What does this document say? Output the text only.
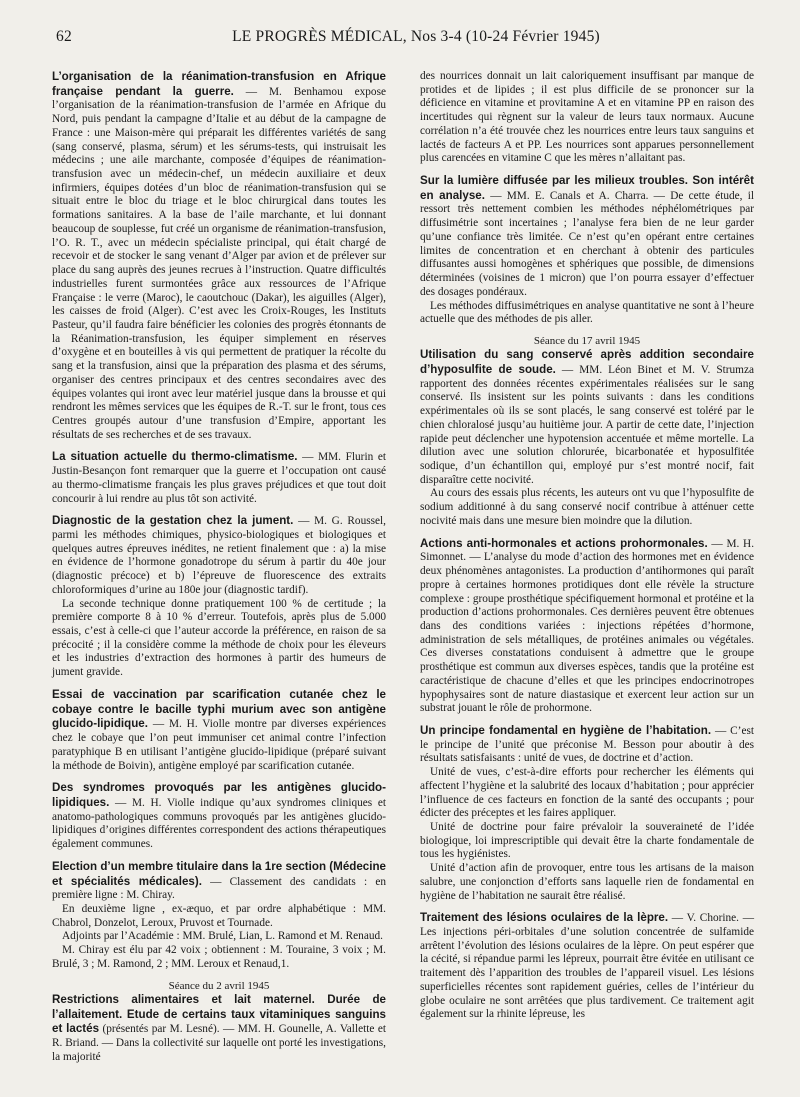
62	LE PROGRÈS MÉDICAL, Nos 3-4 (10-24 Février 1945)

L’organisation de la réanimation-transfusion en Afrique française pendant la guerre. — M. Benhamou expose l’organisation de la réanimation-transfusion de l’armée en Afrique du Nord, puis pendant la campagne d’Italie et au début de la campagne de France : une Maison-mère qui préparait les différentes variétés de sang (sang conservé, plasma, sérum) et les sérums-tests, qui instruisait les médecins ; une aile marchante, composée d’équipes de réanimation-transfusion avec un médecin-chef, un médecin auxiliaire et deux infirmiers, équipes dotées d’un bloc de réanimation-transfusion qui se situait entre le bloc du triage et le bloc chirurgical dans toutes les formations sanitaires. A la base de l’aile marchante, et lui donnant beaucoup de souplesse, fut créé un organisme de réanimation-transfusion, l’O. R. T., avec un médecin spécialiste principal, qui était chargé de recevoir et de stocker le sang venant d’Alger par avion et de prélever sur place du sang auprès des jeunes recrues à l’instruction. Quatre difficultés industrielles furent surmontées grâce aux ressources de l’Afrique Française : le verre (Maroc), le caoutchouc (Dakar), les aiguilles (Alger), les caisses de froid (Alger). C’est avec les Croix-Rouges, les Instituts Pasteur, qu’il faudra faire bénéficier les colonies des progrès étonnants de la Réanimation-transfusion, les équiper simplement en réserves d’oxygène et en bouteilles à vis qui permettent de pratiquer la récolte du sang et la transfusion, ainsi que la préparation des plasma et des sérums, organiser des centres principaux et des centres secondaires avec des équipes volantes qui iront avec leur matériel jusque dans la brousse et qui rendront les mêmes services que les équipes de R.-T. sur le front, tous ces Centres groupés autour d’une transfusion d’Empire, apportant les résultats de ses recherches et de ses travaux.

La situation actuelle du thermo-climatisme. — MM. Flurin et Justin-Besançon font remarquer que la guerre et l’occupation ont causé au thermo-climatisme français les plus graves préjudices et que tout doit concourir à lui rendre au plus tôt son activité.

Diagnostic de la gestation chez la jument. — M. G. Roussel, parmi les méthodes chimiques, physico-biologiques et biologiques et quelques autres épreuves inédites, ne retient finalement que : a) la mise en évidence de l’hormone gonadotrope du sérum à partir du 40e jour (diagnostic précoce) et b) l’épreuve de fluorescence des extraits chloroformiques d’urine au 180e jour (diagnostic tardif).

La seconde technique donne pratiquement 100 % de certitude ; la première comporte 8 à 10 % d’erreur. Toutefois, après plus de 5.000 essais, c’est à celle-ci que l’auteur accorde la préférence, en raison de sa précocité ; il la considère comme la méthode de choix pour les éleveurs et les industries d’extraction des hormones à partir des humeurs de jument gravide.

Essai de vaccination par scarification cutanée chez le cobaye contre le bacille typhi murium avec son antigène glucido-lipidique. — M. H. Violle montre par diverses expériences chez le cobaye que l’on peut immuniser cet animal contre l’infection paratyphique B en utilisant l’antigène glucido-lipidique (préparé suivant la méthode de Boivin), antigène employé par scarification cutanée.

Des syndromes provoqués par les antigènes glucido-lipidiques. — M. H. Violle indique qu’aux syndromes cliniques et anatomo-pathologiques communs provoqués par les antigènes glucido-lipidiques d’origines différentes correspondent des actions thérapeutiques également communes.

Election d’un membre titulaire dans la 1re section (Médecine et spécialités médicales). — Classement des candidats : en première ligne : M. Chiray.

En deuxième ligne , ex-æquo, et par ordre alphabétique : MM. Chabrol, Donzelot, Leroux, Pruvost et Tournade.

Adjoints par l’Académie : MM. Brulé, Lian, L. Ramond et M. Renaud.

M. Chiray est élu par 42 voix ; obtiennent : M. Touraine, 3 voix ; M. Brulé, 3 ; M. Ramond, 2 ; MM. Leroux et Renaud,1.

Séance du 2 avril 1945

Restrictions alimentaires et lait maternel. Durée de l’allaitement. Etude de certains taux vitaminiques sanguins et lactés (présentés par M. Lesné). — MM. H. Gounelle, A. Vallette et R. Briand. — Dans la collectivité sur laquelle ont porté les investigations, la majorité

des nourrices donnait un lait caloriquement insuffisant par manque de protides et de lipides ; il est plus difficile de se prononcer sur la déficience en vitamine et provitamine A et en vitamine PP en raison des incertitudes qui règnent sur la valeur de leurs taux normaux. Aucune corrélation n’a été trouvée chez les nourrices entre leurs taux sanguins et lactés de facteurs A et PP. Les nourrices sont apparues personnellement plus carencées en vitamine C que les mères n’allaitant pas.

Sur la lumière diffusée par les milieux troubles. Son intérêt en analyse. — MM. E. Canals et A. Charra. — De cette étude, il ressort très nettement combien les méthodes néphélométriques par diffusimétrie sont incertaines ; l’analyse fera bien de ne leur garder qu’une confiance très limitée. Ce n’est qu’en opérant entre certaines limites de concentration et en cherchant à obtenir des particules diffusantes aussi homogènes et sphériques que possible, de dimensions déterminées (voisines de 1 micron) que l’on pourra essayer d’effectuer des dosages pondéraux.

Les méthodes diffusimétriques en analyse quantitative ne sont à l’heure actuelle que des méthodes de pis aller.

Séance du 17 avril 1945

Utilisation du sang conservé après addition secondaire d’hyposulfite de soude. — MM. Léon Binet et M. V. Strumza rapportent des données récentes expérimentales réalisées sur le sang conservé. Ils insistent sur les points suivants : dans les conditions expérimentales où ils se sont placés, le sang conservé est toléré par le chien chloralosé jusqu’au huitième jour. A partir de cette date, l’injection rapide peut déclencher une hypotension accentuée et même mortelle. La dilution avec une solution chlorurée, bicarbonatée et hyposulfitée sodique, d’un échantillon qui, employé pur s’est montré nocif, fait disparaître cette nocivité.

Au cours des essais plus récents, les auteurs ont vu que l’hyposulfite de sodium additionné à du sang conservé nocif contribue à atténuer cette nocivité mais dans une mesure bien moindre que la dilution.

Actions anti-hormonales et actions prohormonales. — M. H. Simonnet. — L’analyse du mode d’action des hormones met en évidence deux phénomènes antagonistes. La production d’antihormones qui paraît propre à certaines hormones protidiques dont elle révèle la structure complexe : groupe prosthétique spécifiquement hormonal et protéine et la production d’actions prohormonales. Ces dernières peuvent être obtenues dans des conditions variées : injections répétées d’hormone, administration de sels métalliques, de protéines animales ou végétales. Ces diverses constatations conduisent à admettre que le groupe prosthétique est commun aux diverses espèces, tandis que la protéine est caractéristique de chacune d’elles et que les principes endocrinotropes hypophysaires sont de nature diastasique et exercent leur action sur un substrat jouant le rôle de prohormone.

Un principe fondamental en hygiène de l’habitation. — C’est le principe de l’unité que préconise M. Besson pour aboutir à des résultats satisfaisants : unité de vues, de doctrine et d’action.

Unité de vues, c’est-à-dire efforts pour rechercher les éléments qui affectent l’hygiène et la salubrité des locaux d’habitation ; pour apprécier l’influence de ces facteurs en fonction de la santé des occupants ; pour édicter des préceptes et les faires appliquer.

Unité de doctrine pour faire prévaloir la souveraineté de l’idée biologique, loi imprescriptible qui devait être la charte fondamentale de tous les hygiénistes.

Unité d’action afin de provoquer, entre tous les artisans de la maison salubre, une conjonction d’efforts sans laquelle rien de fondamental en hygiène de l’habitation ne saurait être réalisé.

Traitement des lésions oculaires de la lèpre. — V. Chorine. — Les injections péri-orbitales d’une solution concentrée de sulfamide arrêtent l’évolution des lésions oculaires de la lèpre. On peut espérer que la cécité, si répandue parmi les lépreux, pourrait être évitée en utilisant ce traitement dès l’apparition des troubles de l’appareil visuel. Les lésions superficielles récentes sont rapidement guéries, celles de l’intérieur du globe oculaire ne sont arrêtées que plus tardivement. Ce traitement agit également sur la rhinite lépreuse, les
